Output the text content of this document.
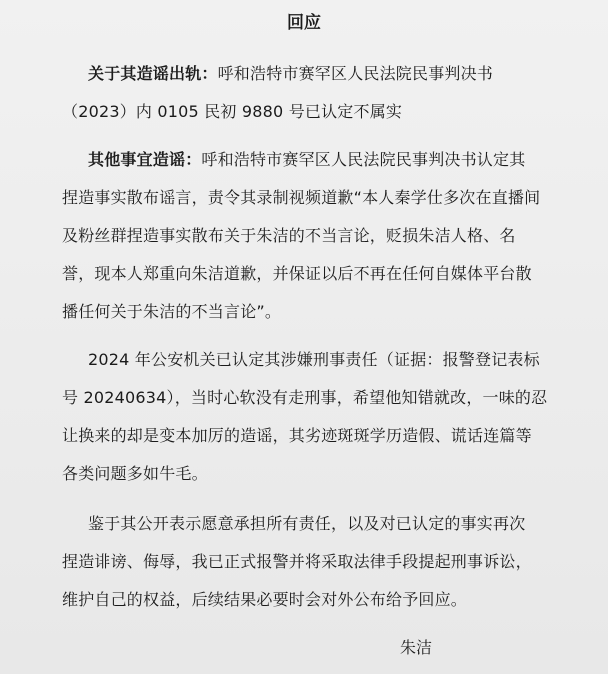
回应
关于其造谣出轨：呼和浩特市赛罕区人民法院民事判决书
（2023）内 0105 民初 9880 号已认定不属实
其他事宜造谣：呼和浩特市赛罕区人民法院民事判决书认定其
捏造事实散布谣言，责令其录制视频道歉“本人秦学仕多次在直播间
及粉丝群捏造事实散布关于朱洁的不当言论，贬损朱洁人格、名
誉，现本人郑重向朱洁道歉，并保证以后不再在任何自媒体平台散
播任何关于朱洁的不当言论”。
2024 年公安机关已认定其涉嫌刑事责任（证据：报警登记表标
号 20240634），当时心软没有走刑事，希望他知错就改，一味的忍
让换来的却是变本加厉的造谣，其劣迹斑斑学历造假、谎话连篇等
各类问题多如牛毛。
鉴于其公开表示愿意承担所有责任，以及对已认定的事实再次
捏造诽谤、侮辱，我已正式报警并将采取法律手段提起刑事诉讼，
维护自己的权益，后续结果必要时会对外公布给予回应。
朱洁
